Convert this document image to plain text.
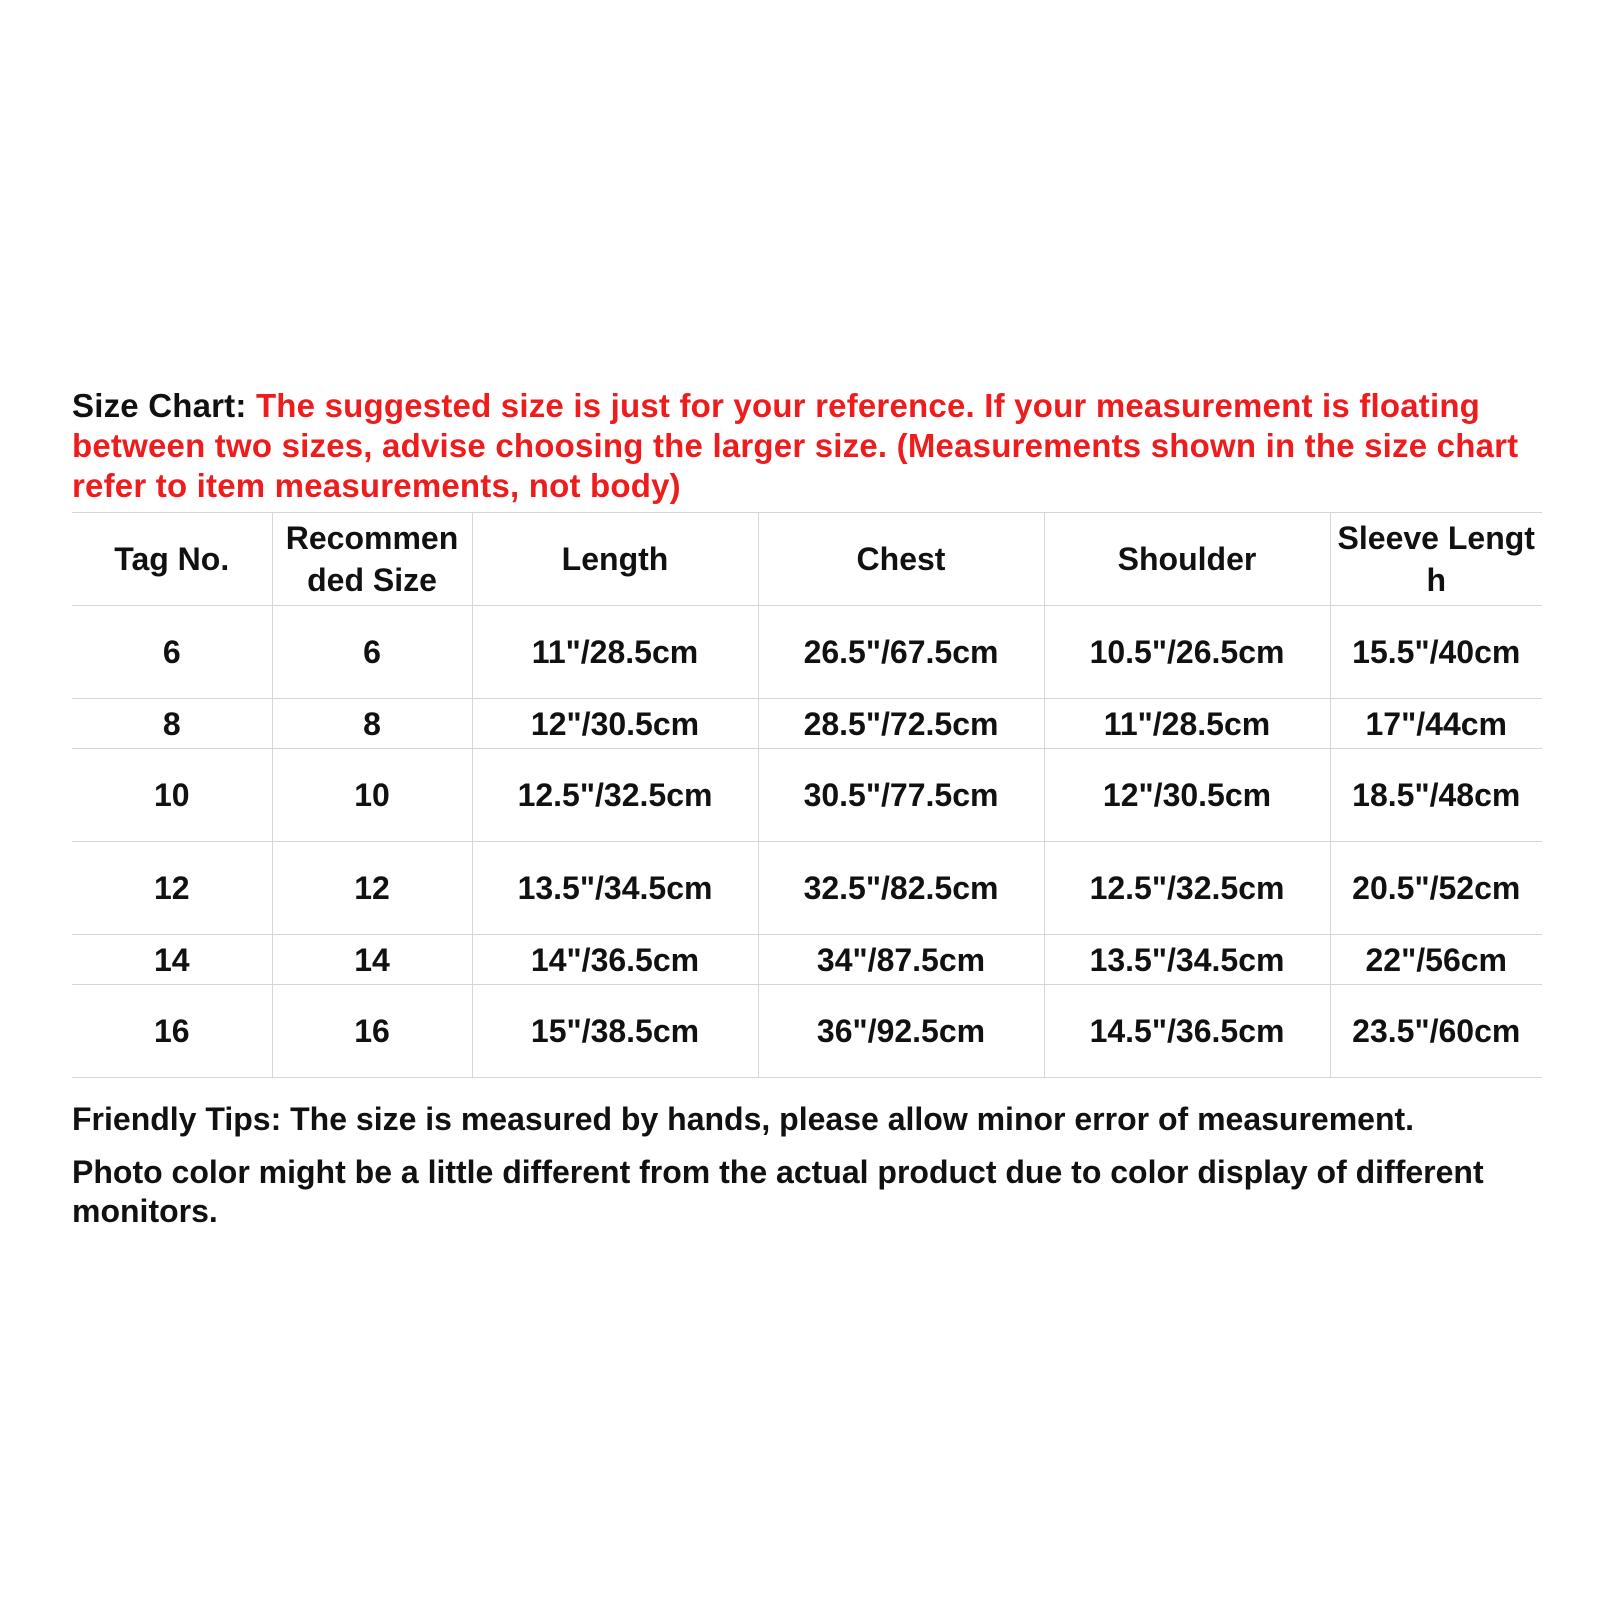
Size Chart: The suggested size is just for your reference. If your measurement is floating between two sizes, advise choosing the larger size. (Measurements shown in the size chart refer to item measurements, not body)

Tag No.	Recommended Size	Length	Chest	Shoulder	Sleeve Length
6	6	11"/28.5cm	26.5"/67.5cm	10.5"/26.5cm	15.5"/40cm
8	8	12"/30.5cm	28.5"/72.5cm	11"/28.5cm	17"/44cm
10	10	12.5"/32.5cm	30.5"/77.5cm	12"/30.5cm	18.5"/48cm
12	12	13.5"/34.5cm	32.5"/82.5cm	12.5"/32.5cm	20.5"/52cm
14	14	14"/36.5cm	34"/87.5cm	13.5"/34.5cm	22"/56cm
16	16	15"/38.5cm	36"/92.5cm	14.5"/36.5cm	23.5"/60cm

Friendly Tips: The size is measured by hands, please allow minor error of measurement.

Photo color might be a little different from the actual product due to color display of different monitors.
